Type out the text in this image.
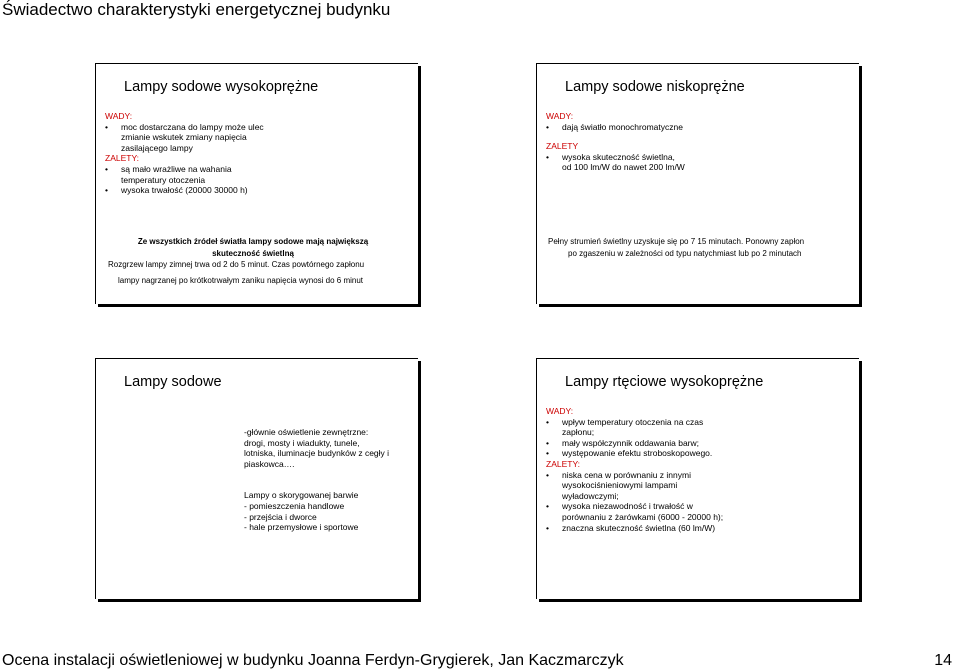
Świadectwo charakterystyki energetycznej budynku
Lampy sodowe wysokoprężne
WADY:
• moc dostarczana do lampy może ulec
zmianie wskutek zmiany napięcia
zasilającego lampy
ZALETY:
• są mało wrażliwe na wahania
temperatury otoczenia
• wysoka trwałość (20000 30000 h)
Lampy sodowe niskoprężne
WADY:
• dają światło monochromatyczne
ZALETY
• wysoka skuteczność świetlna,
od 100 lm/W do nawet 200 lm/W
Ze wszystkich źródeł światła lampy sodowe mają największą
skuteczność świetlną
Rozgrzew lampy zimnej trwa od 2 do 5 minut. Czas powtórnego zapłonu
lampy nagrzanej po krótkotrwałym zaniku napięcia wynosi do 6 minut
Pełny strumień świetlny uzyskuje się po 7 15 minutach. Ponowny zapłon
po zgaszeniu w zależności od typu natychmiast lub po 2 minutach
Lampy sodowe
-głównie oświetlenie zewnętrzne:
drogi, mosty i wiadukty, tunele,
lotniska, iluminacje budynków z cegły i
piaskowca….
Lampy o skorygowanej barwie
- pomieszczenia handlowe
- przejścia i dworce
- hale przemysłowe i sportowe
Lampy rtęciowe wysokoprężne
WADY:
• wpływ temperatury otoczenia na czas
zapłonu;
• mały współczynnik oddawania barw;
• występowanie efektu stroboskopowego.
ZALETY:
• niska cena w porównaniu z innymi
wysokociśnieniowymi lampami
wyładowczymi;
• wysoka niezawodność i trwałość w
porównaniu z żarówkami (6000 - 20000 h);
• znaczna skuteczność świetlna (60 lm/W)
Ocena instalacji oświetleniowej w budynku Joanna Ferdyn-Grygierek, Jan Kaczmarczyk	14
